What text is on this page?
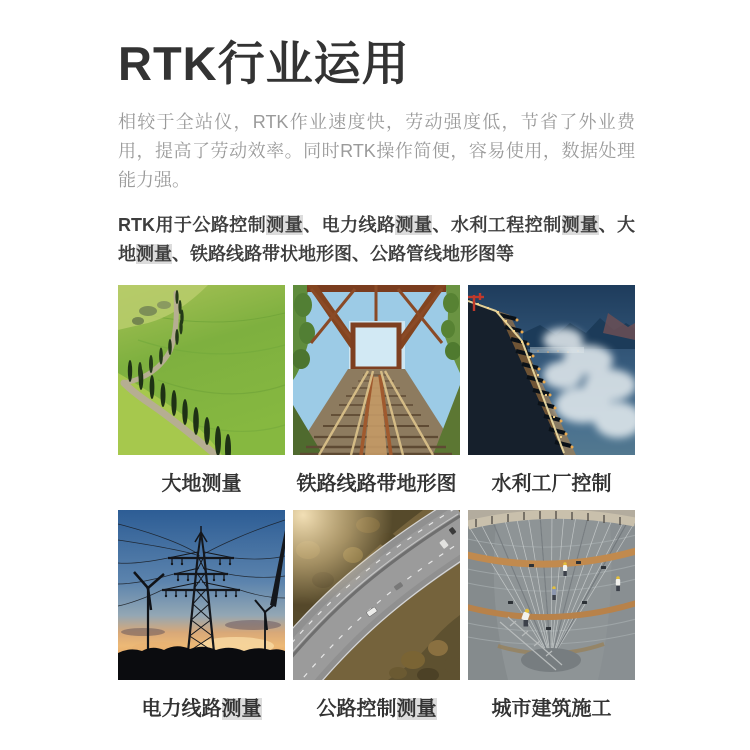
RTK行业运用

相较于全站仪，RTK作业速度快，劳动强度低，节省了外业费用，提高了劳动效率。同时RTK操作简便，容易使用，数据处理能力强。

RTK用于公路控制测量、电力线路测量、水利工程控制测量、大地测量、铁路线路带状地形图、公路管线地形图等

大地测量	铁路线路带地形图	水利工厂控制
电力线路测量	公路控制测量	城市建筑施工
